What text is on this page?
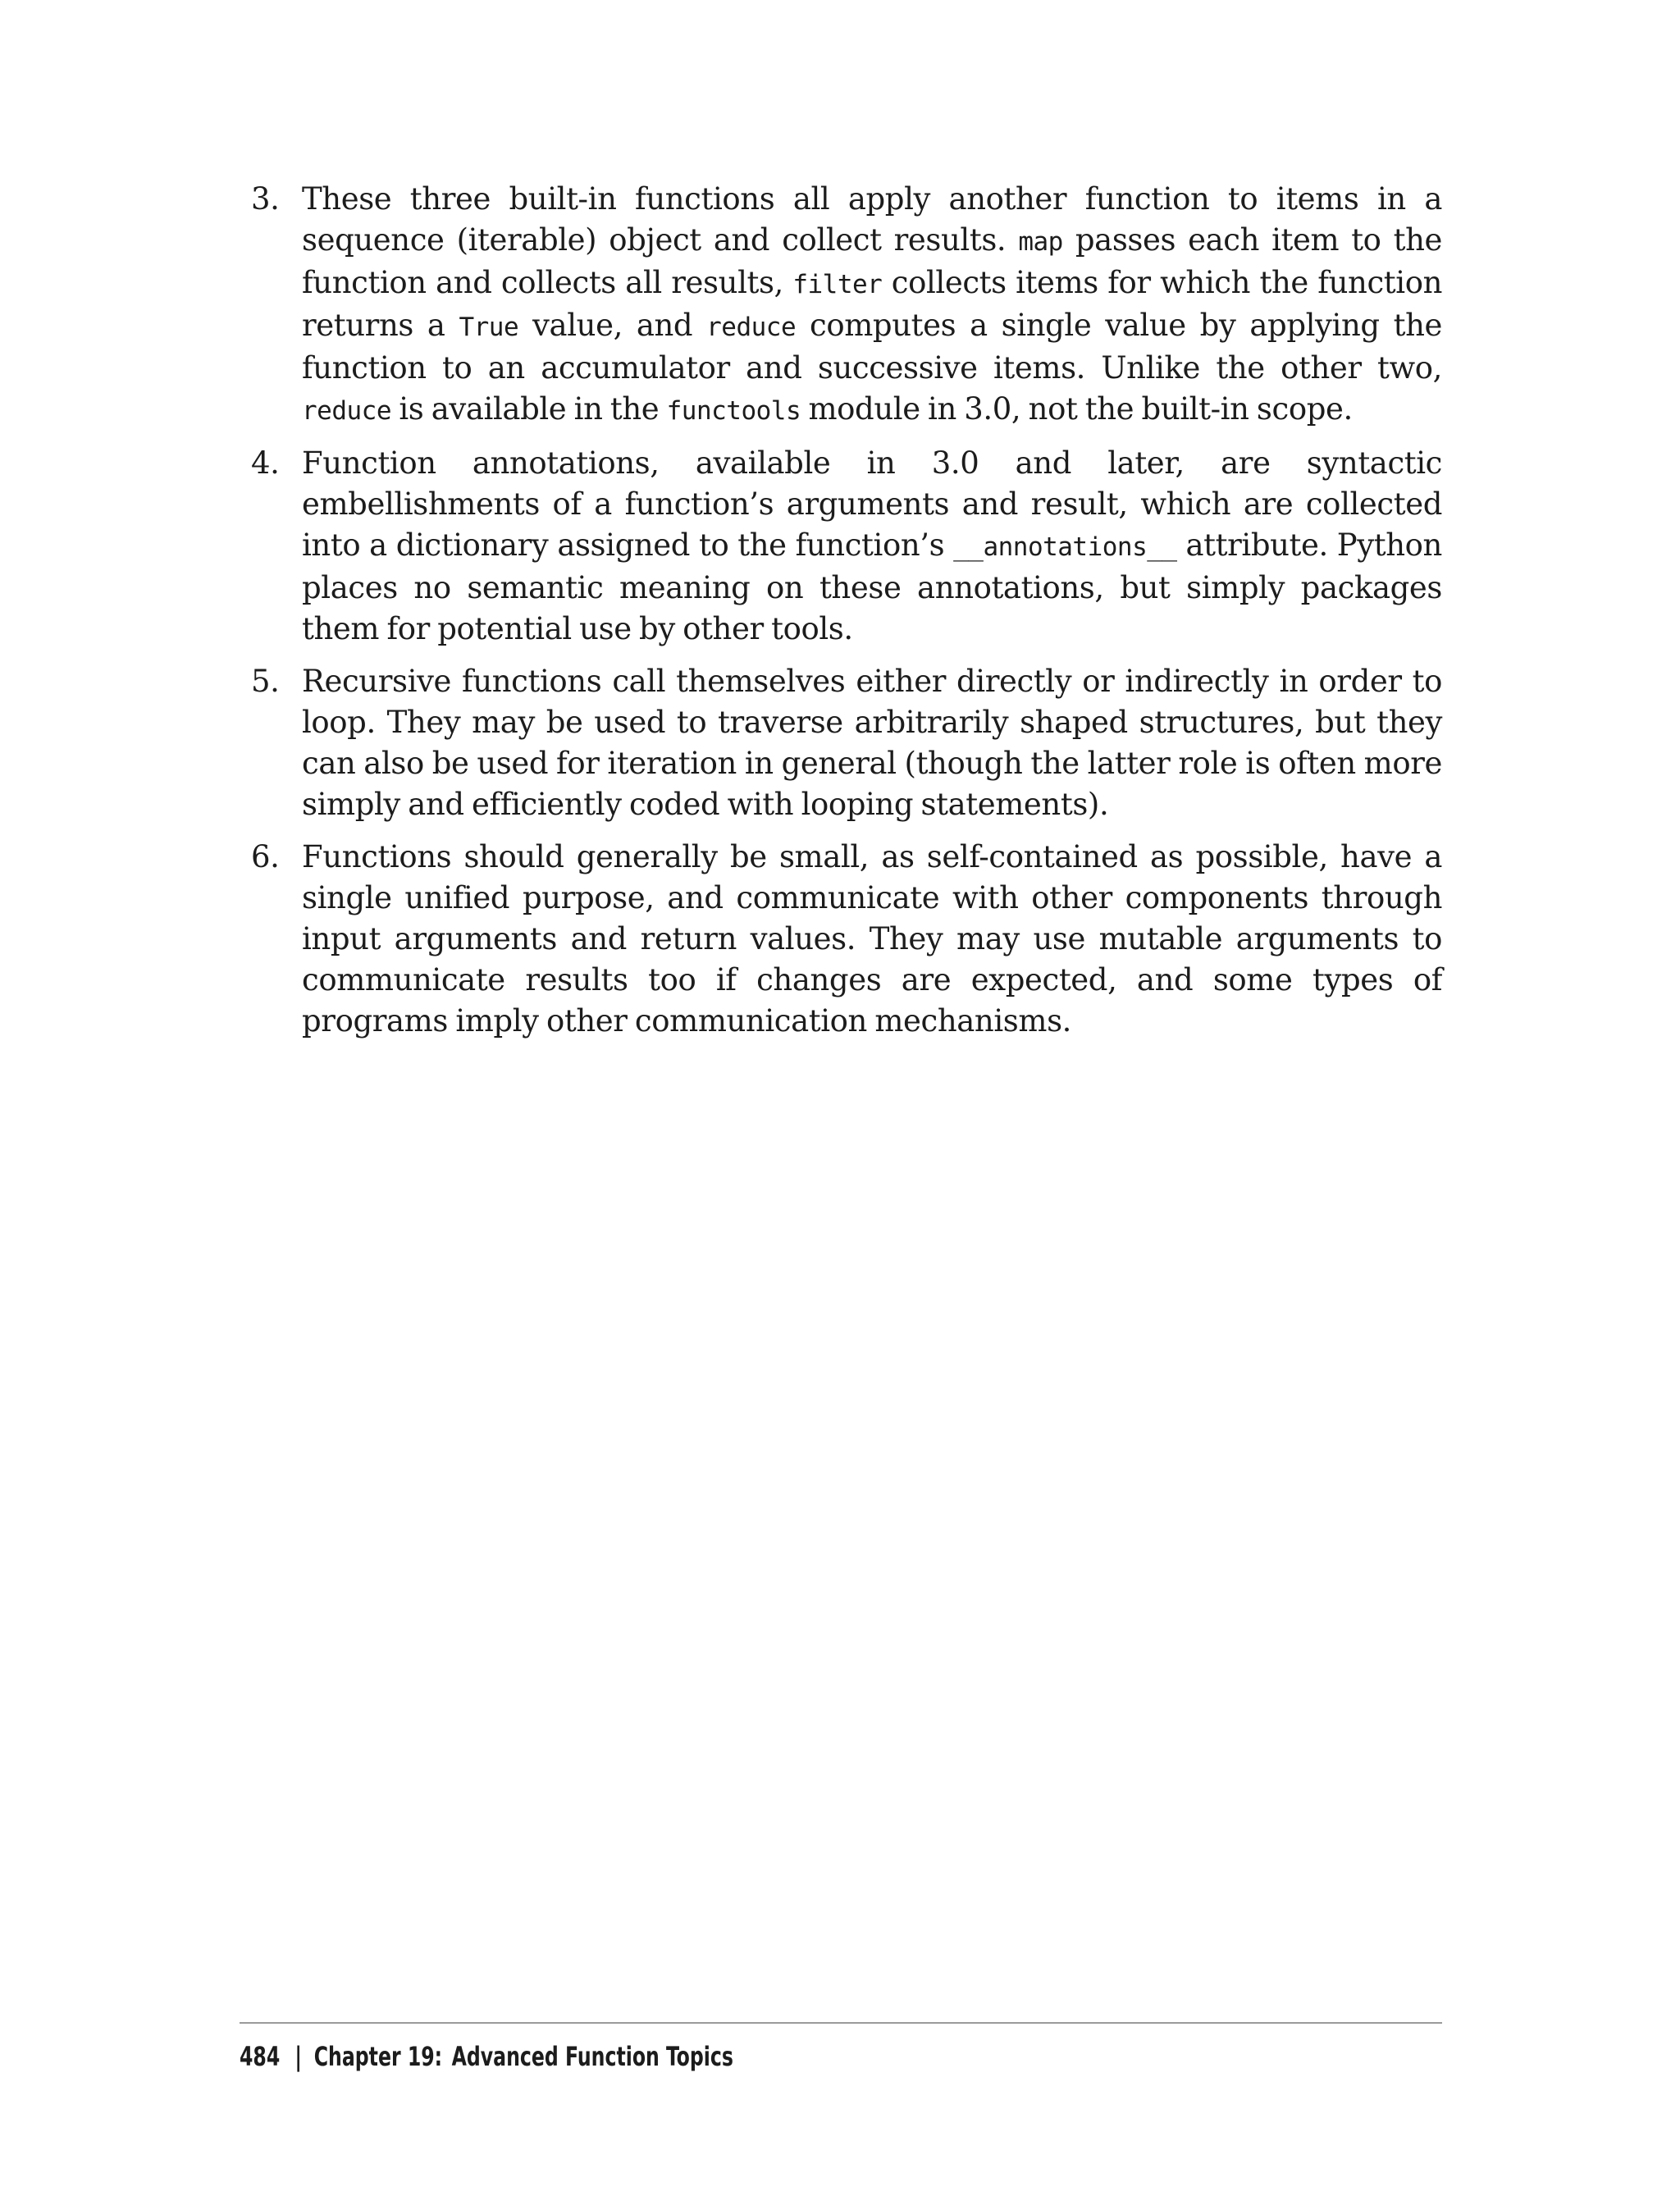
3. These three built-in functions all apply another function to items in a sequence (iterable) object and collect results. map passes each item to the function and collects all results, filter collects items for which the function returns a True value, and reduce computes a single value by applying the function to an accumulator and successive items. Unlike the other two, reduce is available in the functools module in 3.0, not the built-in scope.
4. Function annotations, available in 3.0 and later, are syntactic embellishments of a function’s arguments and result, which are collected into a dictionary assigned to the function’s __annotations__ attribute. Python places no semantic meaning on these annotations, but simply packages them for potential use by other tools.
5. Recursive functions call themselves either directly or indirectly in order to loop. They may be used to traverse arbitrarily shaped structures, but they can also be used for iteration in general (though the latter role is often more simply and efficiently coded with looping statements).
6. Functions should generally be small, as self-contained as possible, have a single unified purpose, and communicate with other components through input arguments and return values. They may use mutable arguments to communicate results too if changes are expected, and some types of programs imply other communication mechanisms.
484 | Chapter 19: Advanced Function Topics
